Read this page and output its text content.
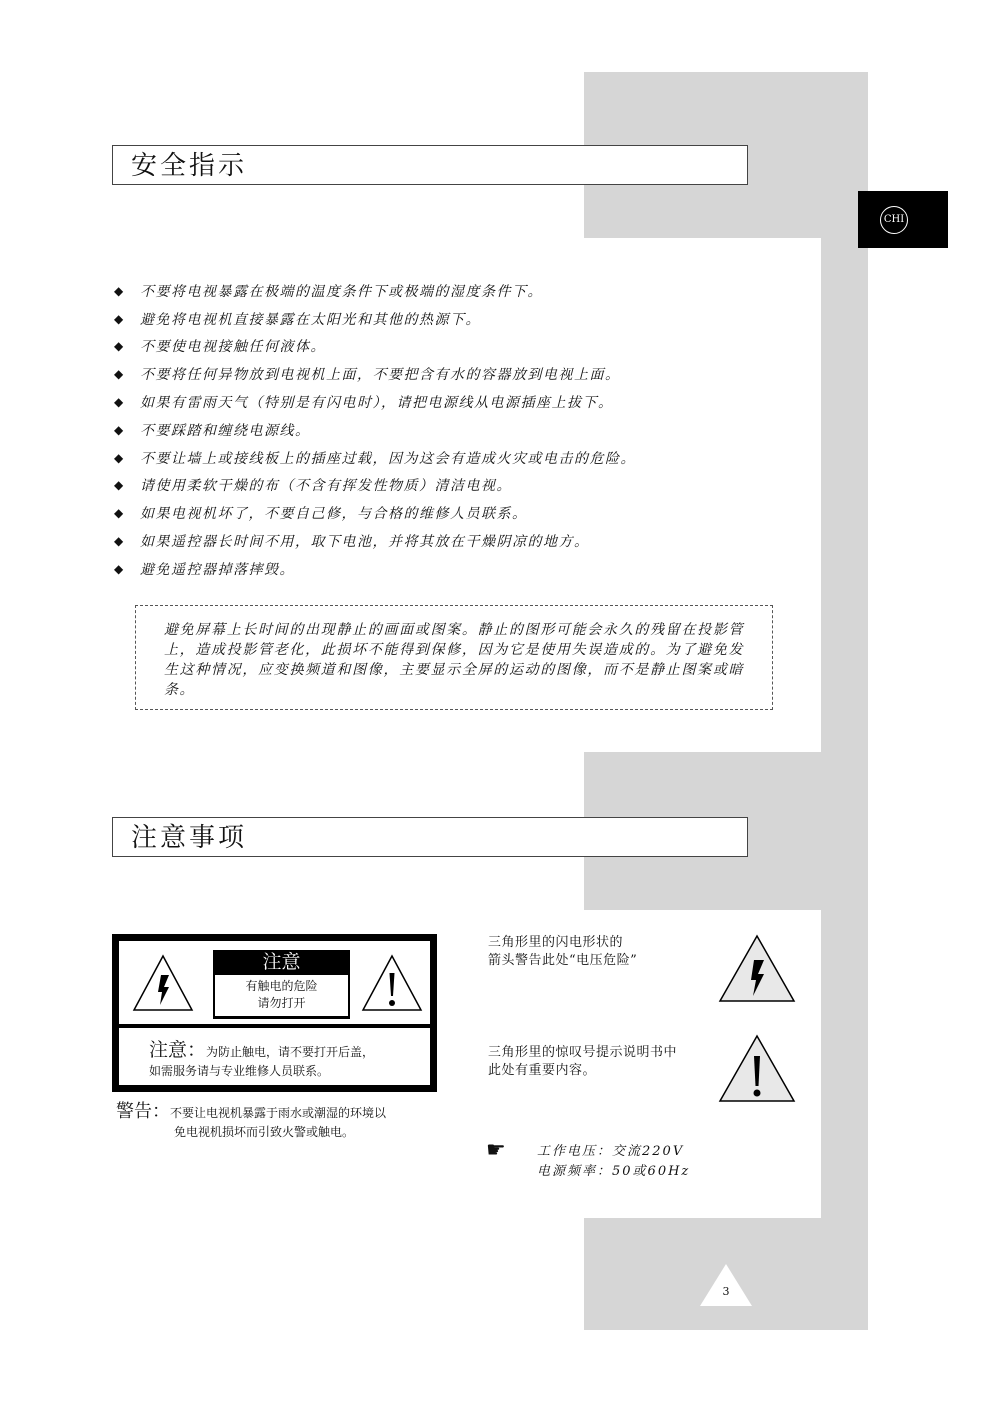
CHI
安全指示
◆ 不要将电视暴露在极端的温度条件下或极端的湿度条件下。
◆ 避免将电视机直接暴露在太阳光和其他的热源下。
◆ 不要使电视接触任何液体。
◆ 不要将任何异物放到电视机上面，不要把含有水的容器放到电视上面。
◆ 如果有雷雨天气（特别是有闪电时），请把电源线从电源插座上拔下。
◆ 不要踩踏和缠绕电源线。
◆ 不要让墙上或接线板上的插座过载，因为这会有造成火灾或电击的危险。
◆ 请使用柔软干燥的布（不含有挥发性物质）清洁电视。
◆ 如果电视机坏了，不要自己修，与合格的维修人员联系。
◆ 如果遥控器长时间不用，取下电池，并将其放在干燥阴凉的地方。
◆ 避免遥控器掉落摔毁。
避免屏幕上长时间的出现静止的画面或图案。静止的图形可能会永久的残留在投影管上，造成投影管老化，此损坏不能得到保修，因为它是使用失误造成的。为了避免发生这种情况，应变换频道和图像，主要显示全屏的运动的图像，而不是静止图案或暗条。
注意事项
注意
有触电的危险
请勿打开
注意：为防止触电，请不要打开后盖，
如需服务请与专业维修人员联系。
警告：不要让电视机暴露于雨水或潮湿的环境以
免电视机损坏而引致火警或触电。
三角形里的闪电形状的
箭头警告此处“电压危险”
三角形里的惊叹号提示说明书中
此处有重要内容。
☛ 工作电压：交流220V
电源频率：50或60Hz
3
